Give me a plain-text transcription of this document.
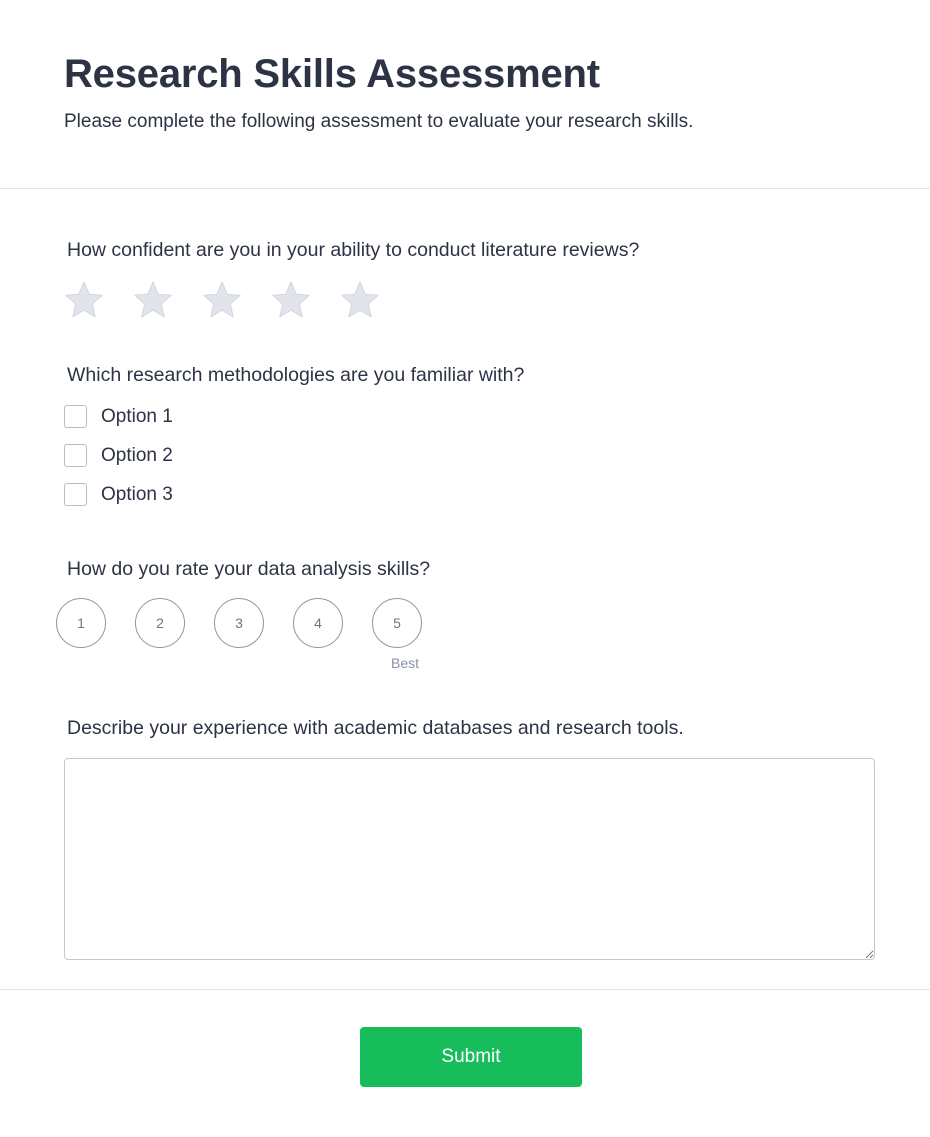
Research Skills Assessment

Please complete the following assessment to evaluate your research skills.

How confident are you in your ability to conduct literature reviews?

Which research methodologies are you familiar with?

Option 1
Option 2
Option 3

How do you rate your data analysis skills?

1	2	3	4	5
Best

Describe your experience with academic databases and research tools.

Submit
